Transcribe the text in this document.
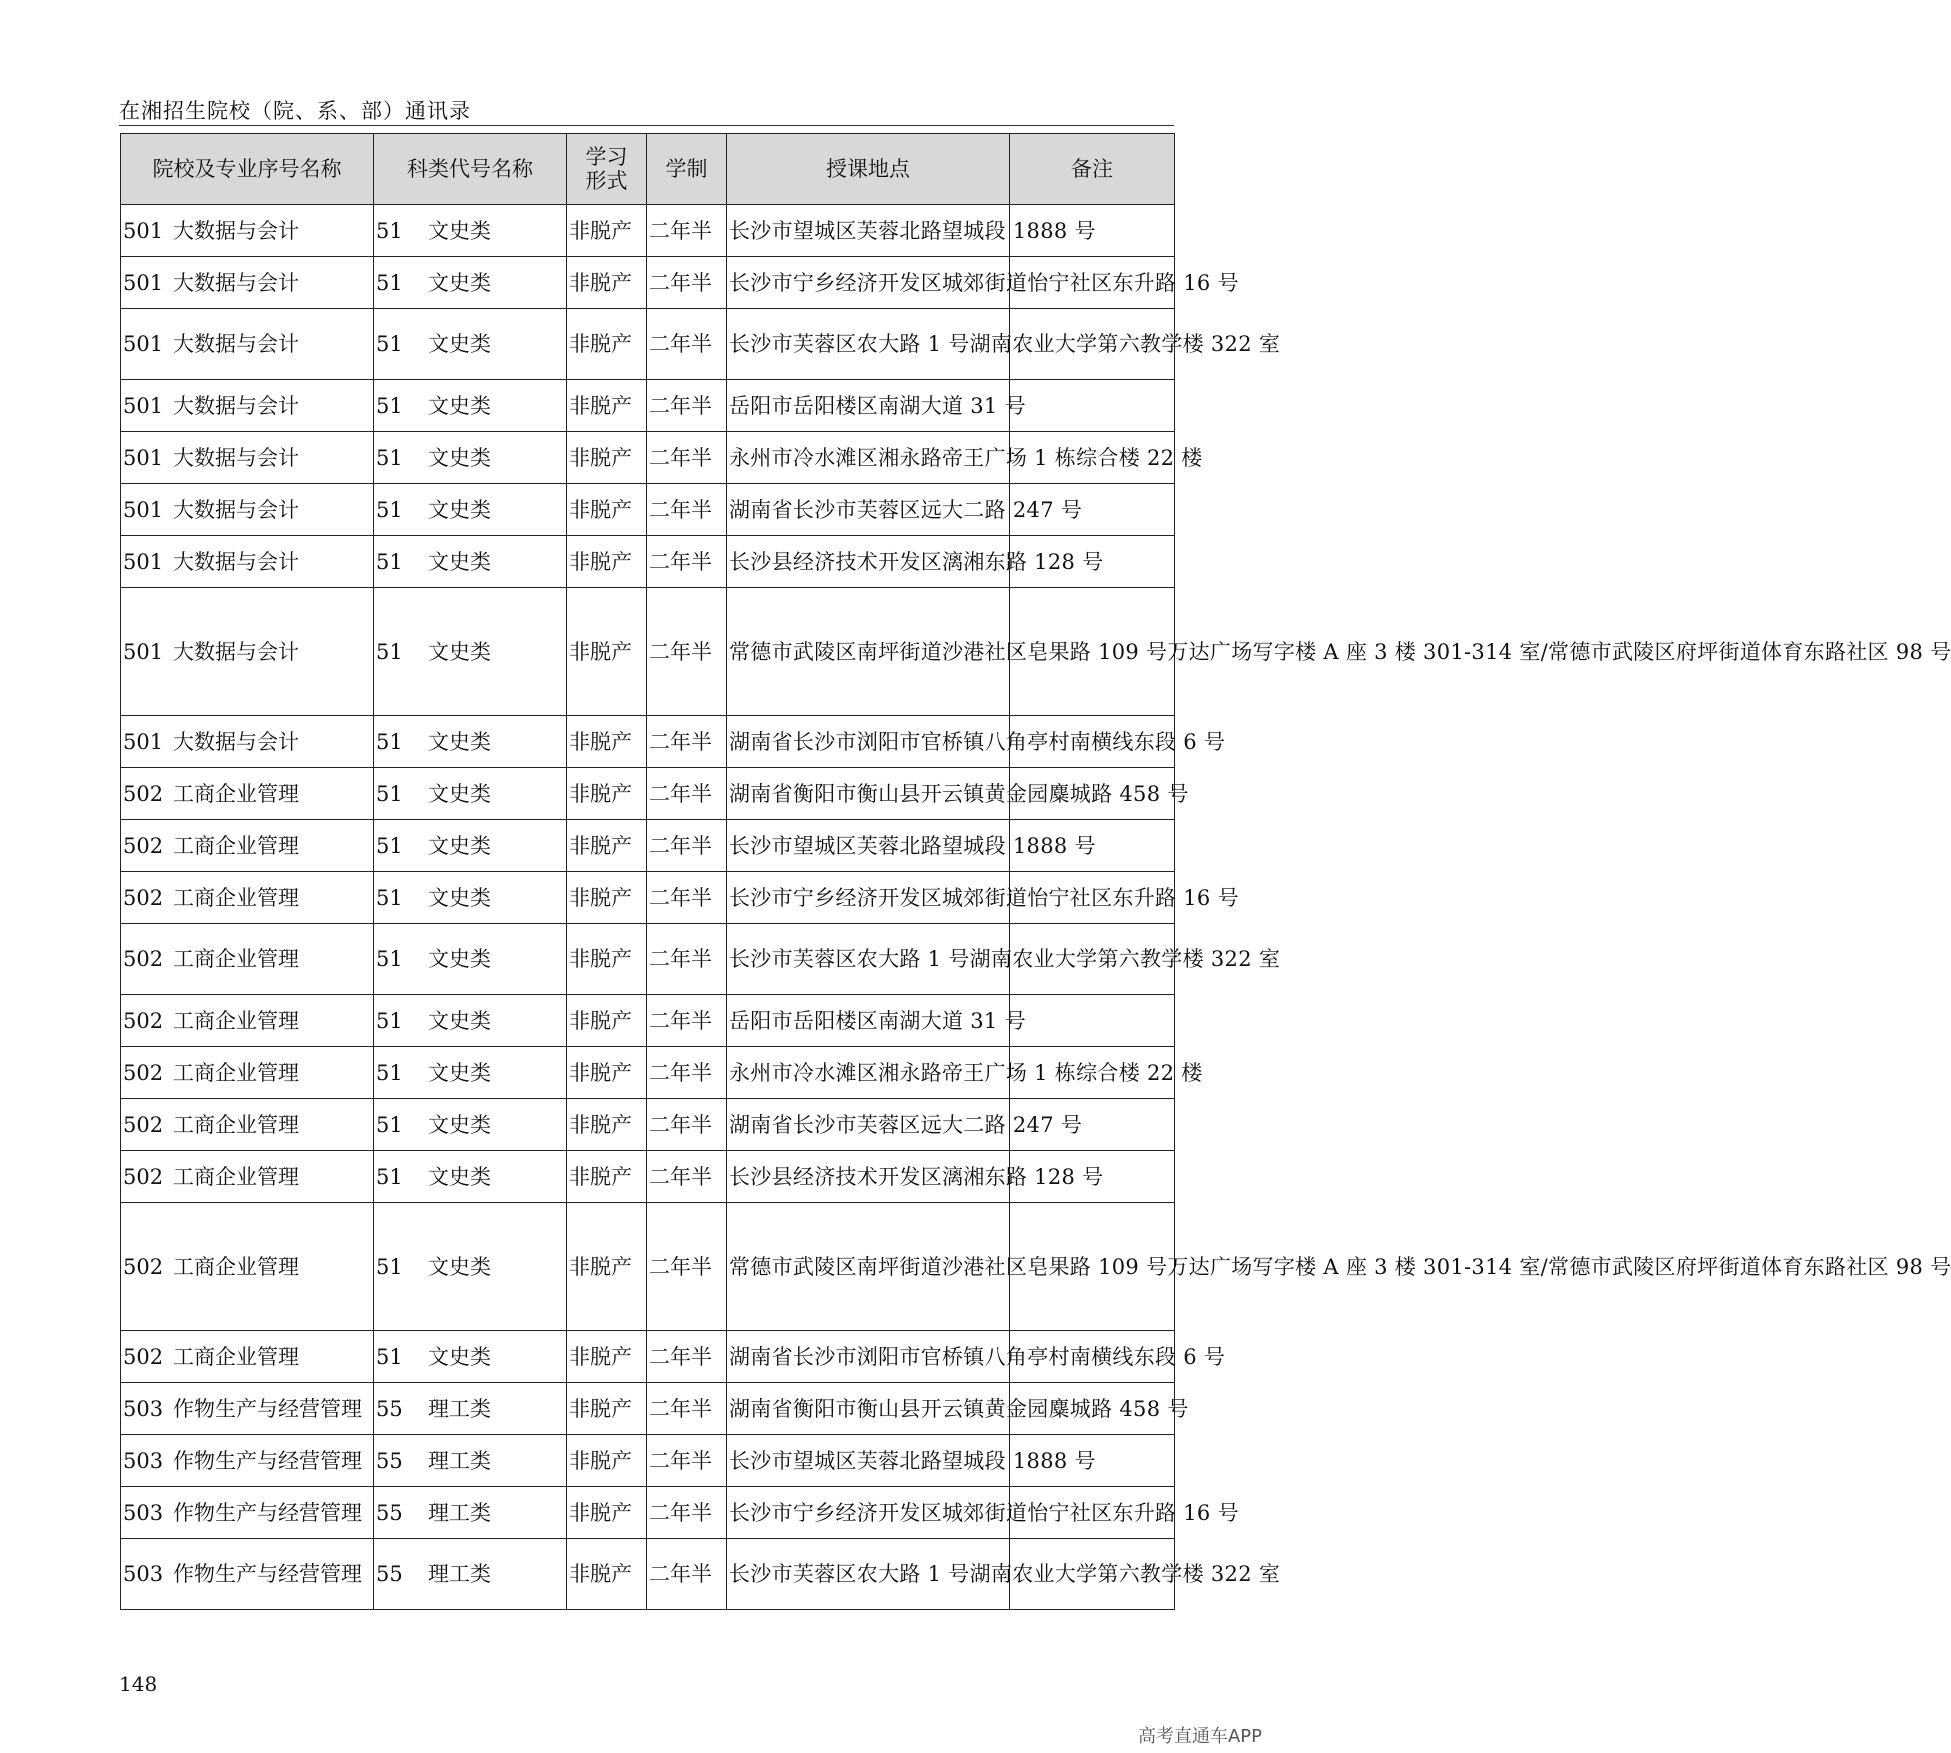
在湘招生院校（院、系、部）通讯录
院校及专业序号名称	科类代号名称	学习形式	学制	授课地点	备注
501 大数据与会计	51 文史类	非脱产	二年半	长沙市望城区芙蓉北路望城段 1888 号	
501 大数据与会计	51 文史类	非脱产	二年半	长沙市宁乡经济开发区城郊街道怡宁社区东升路 16 号	
501 大数据与会计	51 文史类	非脱产	二年半	长沙市芙蓉区农大路 1 号湖南农业大学第六教学楼 322 室	
501 大数据与会计	51 文史类	非脱产	二年半	岳阳市岳阳楼区南湖大道 31 号	
501 大数据与会计	51 文史类	非脱产	二年半	永州市冷水滩区湘永路帝王广场 1 栋综合楼 22 楼	
501 大数据与会计	51 文史类	非脱产	二年半	湖南省长沙市芙蓉区远大二路 247 号	
501 大数据与会计	51 文史类	非脱产	二年半	长沙县经济技术开发区漓湘东路 128 号	
501 大数据与会计	51 文史类	非脱产	二年半	常德市武陵区南坪街道沙港社区皂果路 109 号万达广场写字楼 A 座 3 楼 301-314 室/常德市武陵区府坪街道体育东路社区 98 号	
501 大数据与会计	51 文史类	非脱产	二年半	湖南省长沙市浏阳市官桥镇八角亭村南横线东段 6 号	
502 工商企业管理	51 文史类	非脱产	二年半	湖南省衡阳市衡山县开云镇黄金园麋城路 458 号	
502 工商企业管理	51 文史类	非脱产	二年半	长沙市望城区芙蓉北路望城段 1888 号	
502 工商企业管理	51 文史类	非脱产	二年半	长沙市宁乡经济开发区城郊街道怡宁社区东升路 16 号	
502 工商企业管理	51 文史类	非脱产	二年半	长沙市芙蓉区农大路 1 号湖南农业大学第六教学楼 322 室	
502 工商企业管理	51 文史类	非脱产	二年半	岳阳市岳阳楼区南湖大道 31 号	
502 工商企业管理	51 文史类	非脱产	二年半	永州市冷水滩区湘永路帝王广场 1 栋综合楼 22 楼	
502 工商企业管理	51 文史类	非脱产	二年半	湖南省长沙市芙蓉区远大二路 247 号	
502 工商企业管理	51 文史类	非脱产	二年半	长沙县经济技术开发区漓湘东路 128 号	
502 工商企业管理	51 文史类	非脱产	二年半	常德市武陵区南坪街道沙港社区皂果路 109 号万达广场写字楼 A 座 3 楼 301-314 室/常德市武陵区府坪街道体育东路社区 98 号	
502 工商企业管理	51 文史类	非脱产	二年半	湖南省长沙市浏阳市官桥镇八角亭村南横线东段 6 号	
503 作物生产与经营管理	55 理工类	非脱产	二年半	湖南省衡阳市衡山县开云镇黄金园麋城路 458 号	
503 作物生产与经营管理	55 理工类	非脱产	二年半	长沙市望城区芙蓉北路望城段 1888 号	
503 作物生产与经营管理	55 理工类	非脱产	二年半	长沙市宁乡经济开发区城郊街道怡宁社区东升路 16 号	
503 作物生产与经营管理	55 理工类	非脱产	二年半	长沙市芙蓉区农大路 1 号湖南农业大学第六教学楼 322 室	
148
高考直通车APP
